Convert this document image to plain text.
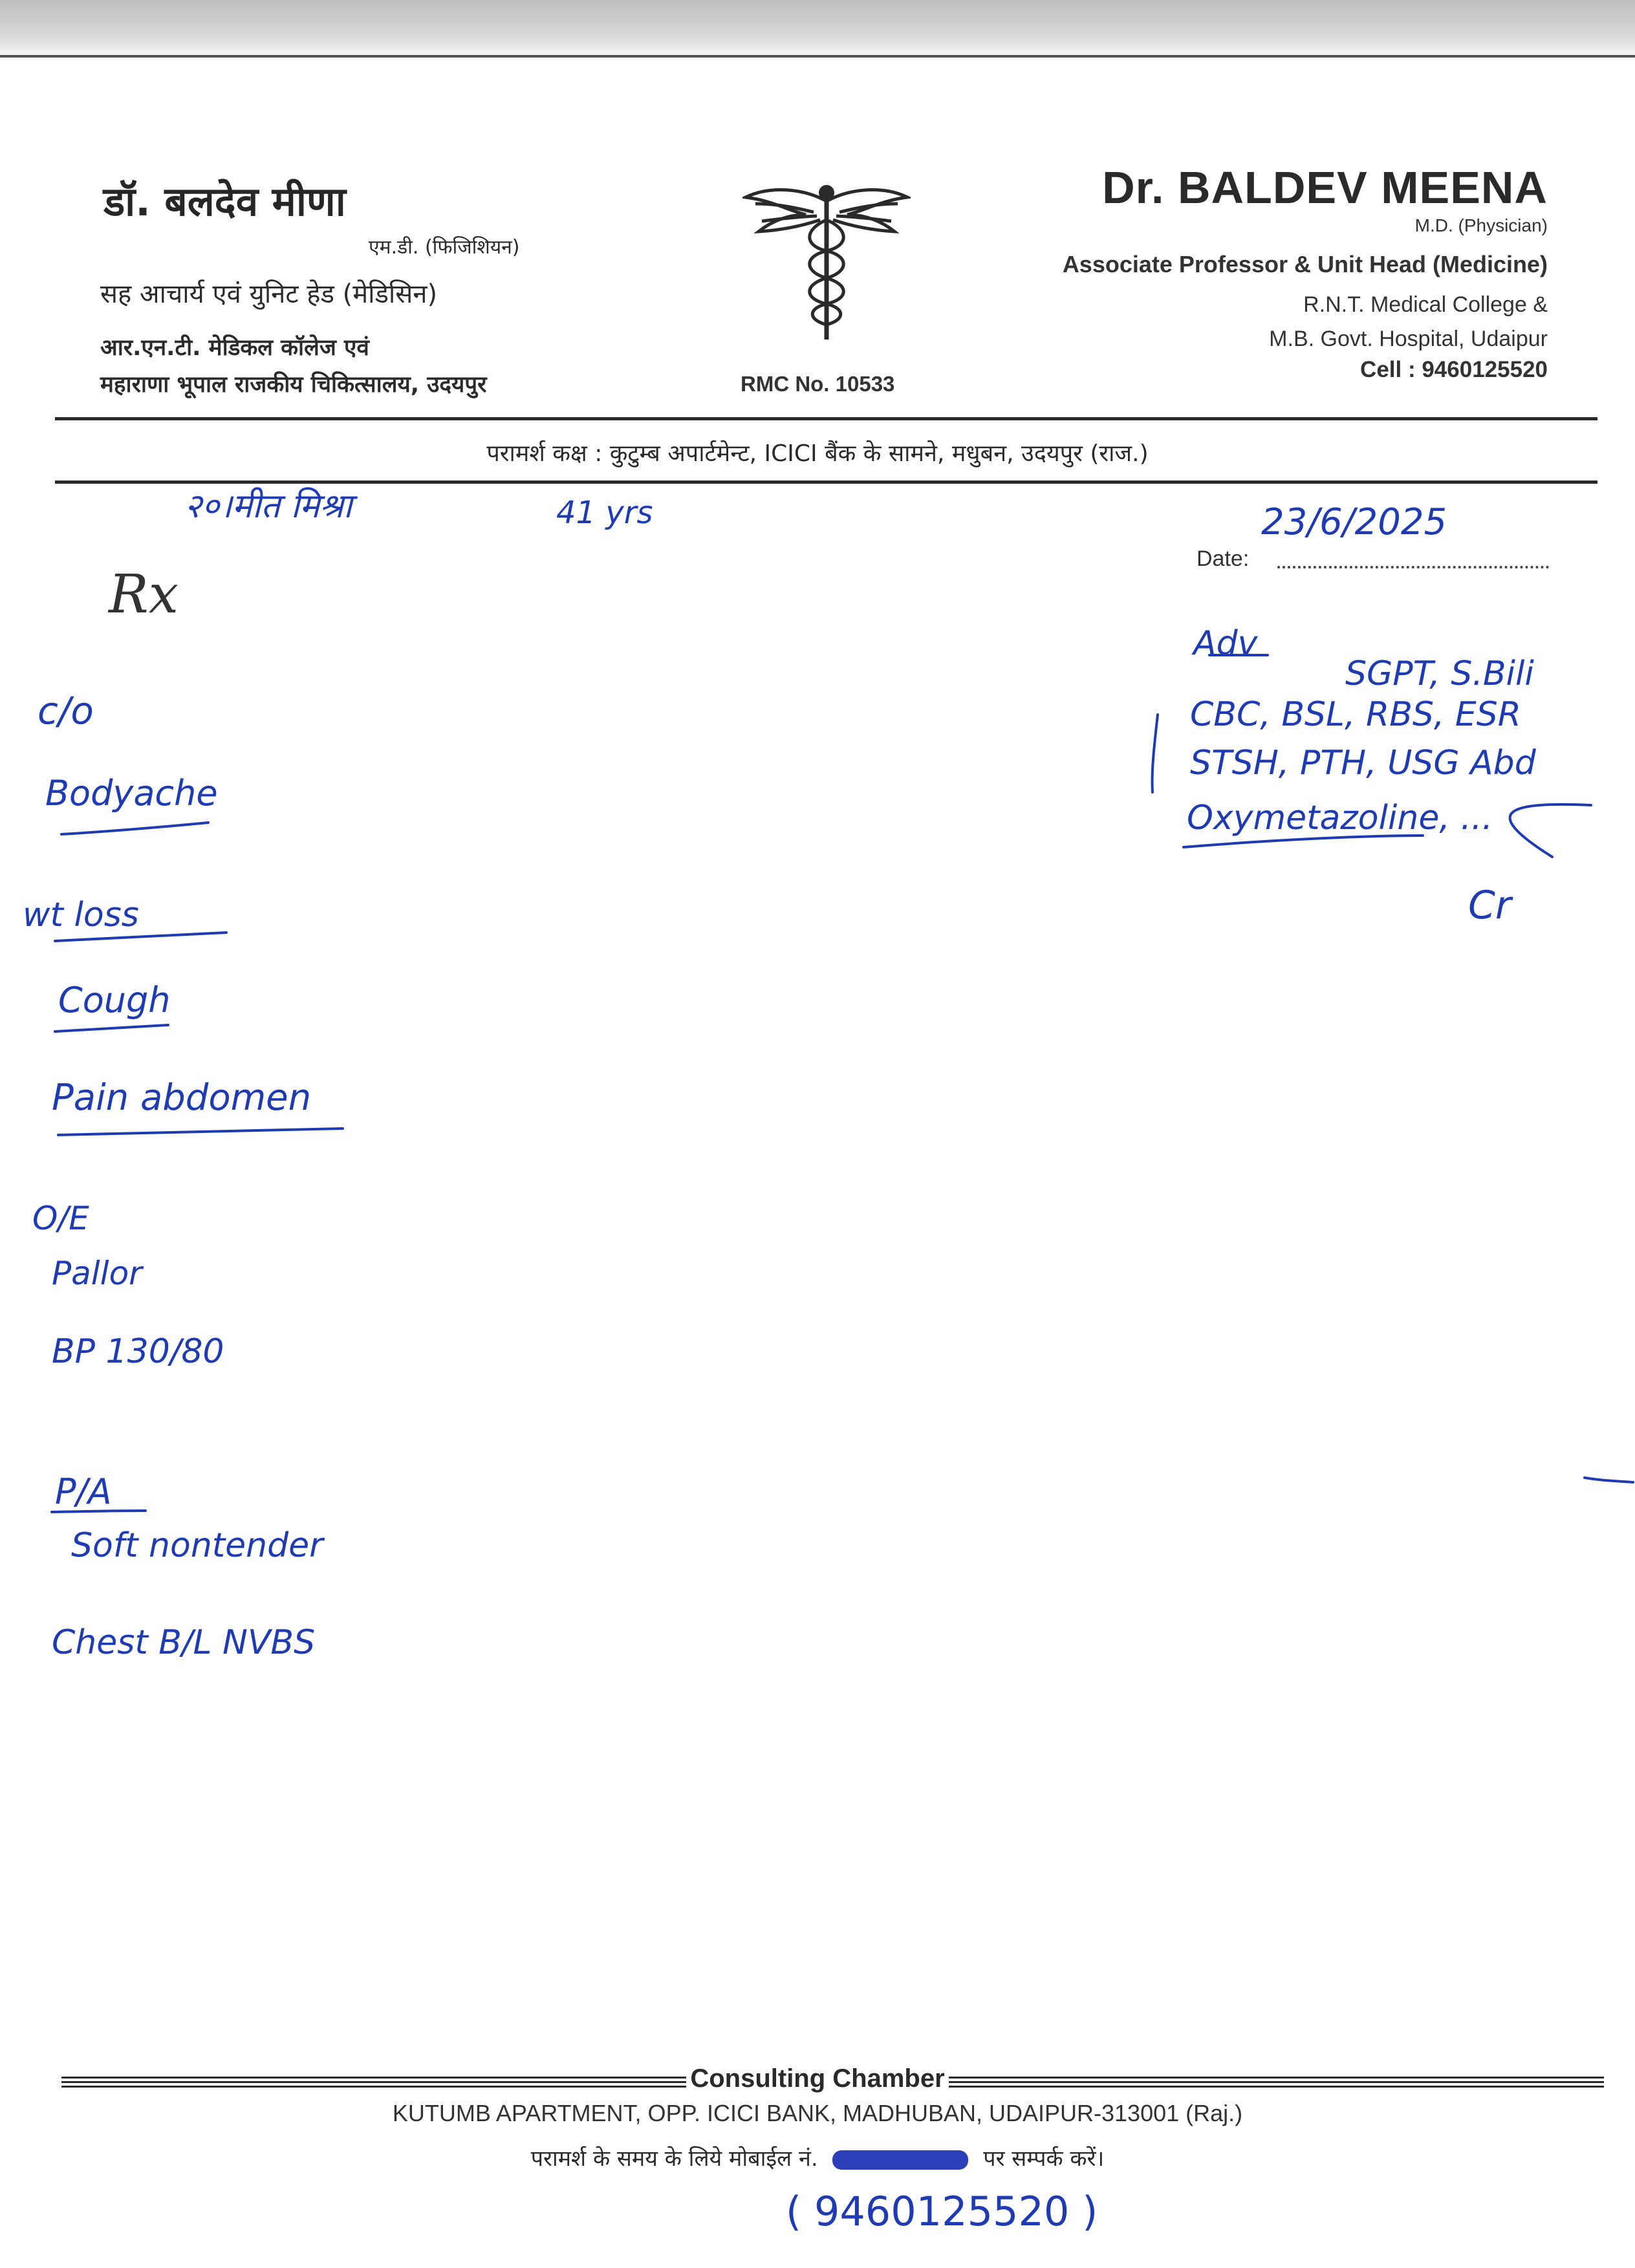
डॉ. बलदेव मीणा
एम.डी. (फिजिशियन)
सह आचार्य एवं युनिट हेड (मेडिसिन)
आर.एन.टी. मेडिकल कॉलेज एवं
महाराणा भूपाल राजकीय चिकित्सालय, उदयपुर	RMC No. 10533
Dr. BALDEV MEENA
M.D. (Physician)
Associate Professor & Unit Head (Medicine)
R.N.T. Medical College &
M.B. Govt. Hospital, Udaipur
Cell : 9460125520
परामर्श कक्ष : कुटुम्ब अपार्टमेन्ट, ICICI बैंक के सामने, मधुबन, उदयपुर (राज.)
Rx
Date:
२०।मीत मिश्रा	41 yrs	23/6/2025
c/o
Bodyache
wt loss
Cough
Pain abdomen
O/E
Pallor
BP 130/80
P/A
Soft nontender
Chest B/L NVBS
Adv
SGPT, S.Bili
CBC, BSL, RBS, ESR
STSH, PTH, USG Abd
Oxymetazoline, ...
Cr
Consulting Chamber
KUTUMB APARTMENT, OPP. ICICI BANK, MADHUBAN, UDAIPUR-313001 (Raj.)
परामर्श के समय के लिये मोबाईल नं.	पर सम्पर्क करें।
( 9460125520 )
